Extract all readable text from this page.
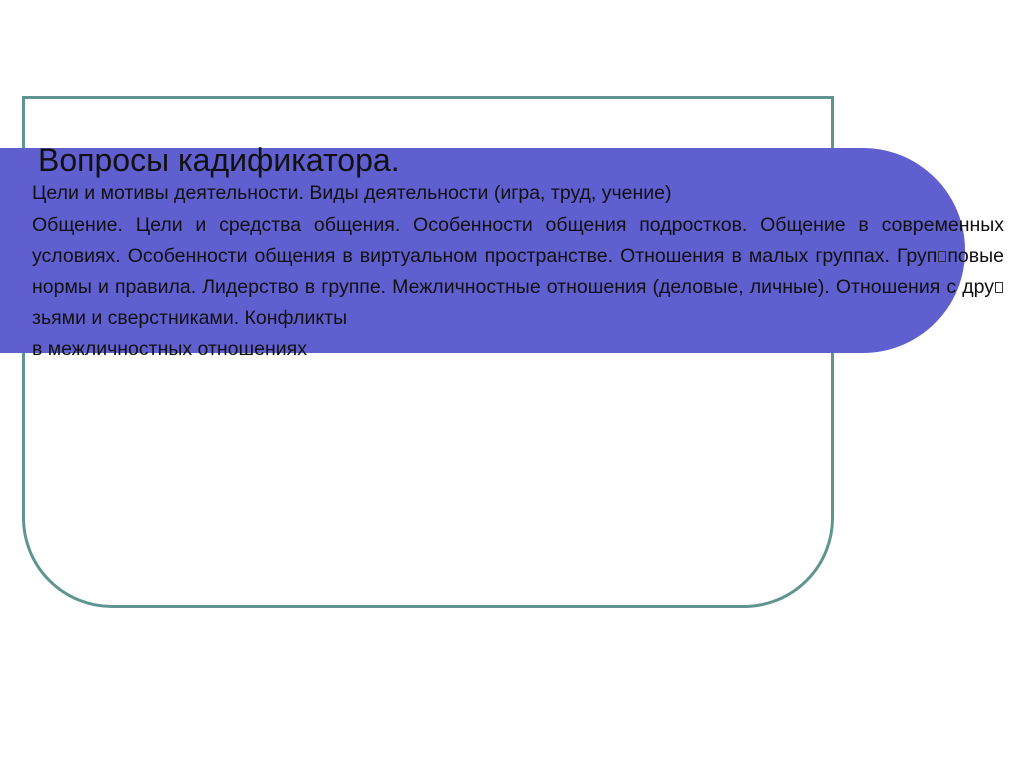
Вопросы кадификатора.

Цели и мотивы деятельности. Виды деятельности (игра, труд, учение)

Общение. Цели и средства общения. Особенности общения подростков. Общение в современных условиях. Особенности общения в виртуальном пространстве. Отношения в малых группах. Груп повые нормы и правила. Лидерство в группе. Межличностные отношения (деловые, личные). Отношения с друзьями и сверстниками. Конфликты
в межличностных отношениях
